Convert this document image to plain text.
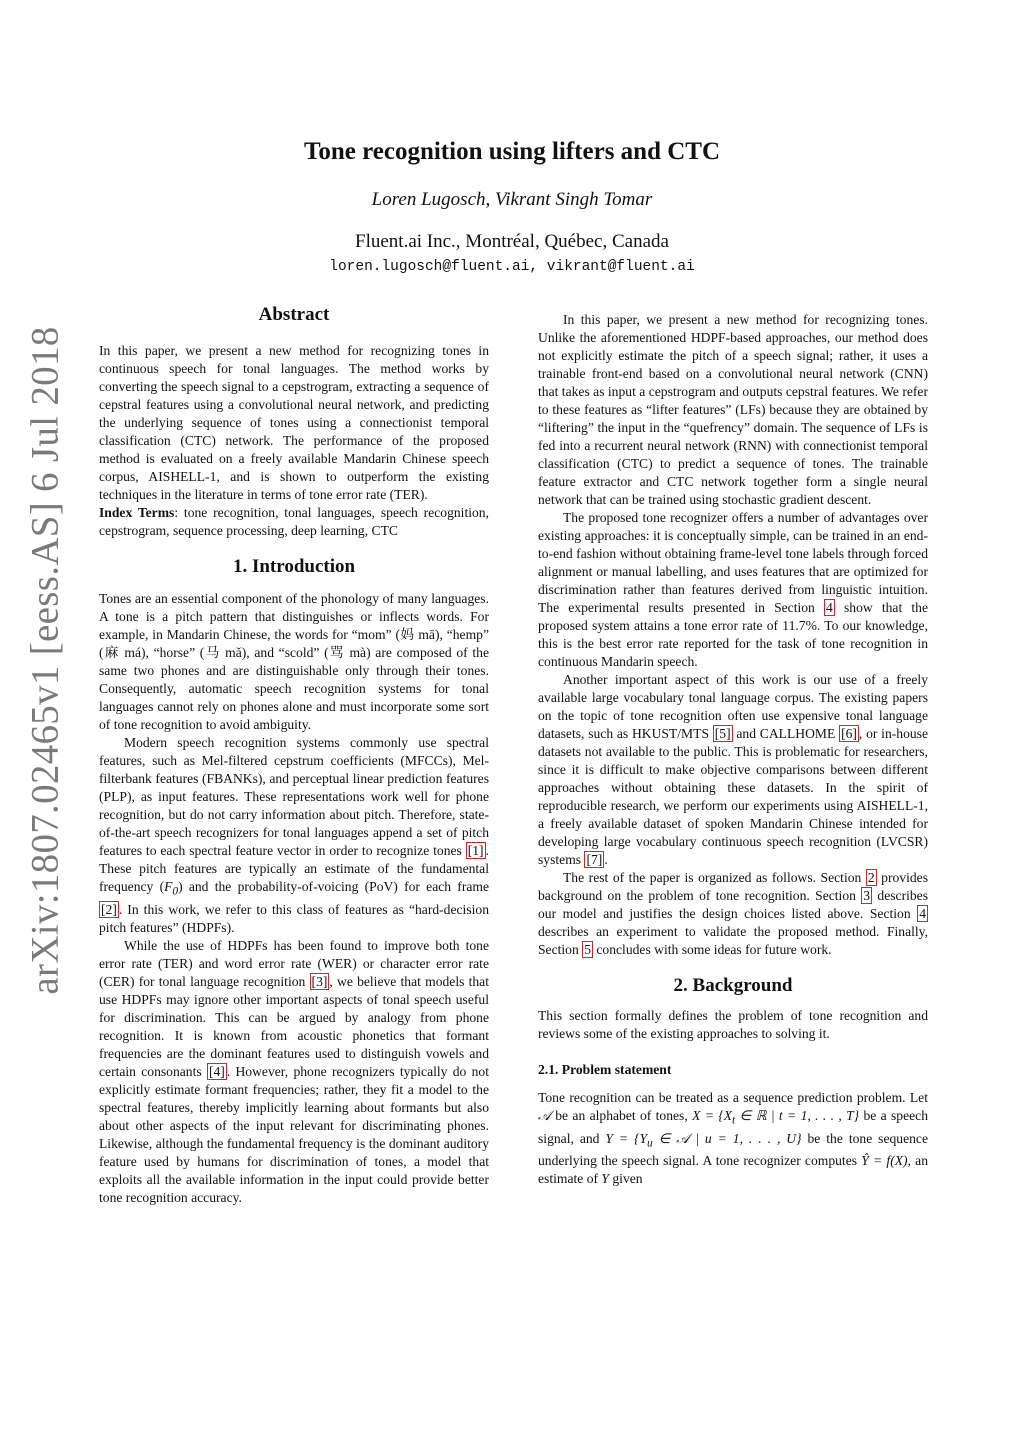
arXiv:1807.02465v1 [eess.AS] 6 Jul 2018
Tone recognition using lifters and CTC
Loren Lugosch, Vikrant Singh Tomar
Fluent.ai Inc., Montréal, Québec, Canada
loren.lugosch@fluent.ai, vikrant@fluent.ai
Abstract

In this paper, we present a new method for recognizing tones in continuous speech for tonal languages. The method works by converting the speech signal to a cepstrogram, extracting a sequence of cepstral features using a convolutional neural network, and predicting the underlying sequence of tones using a connectionist temporal classification (CTC) network. The performance of the proposed method is evaluated on a freely available Mandarin Chinese speech corpus, AISHELL-1, and is shown to outperform the existing techniques in the literature in terms of tone error rate (TER).

Index Terms: tone recognition, tonal languages, speech recognition, cepstrogram, sequence processing, deep learning, CTC

1. Introduction

Tones are an essential component of the phonology of many languages. A tone is a pitch pattern that distinguishes or inflects words. For example, in Mandarin Chinese, the words for “mom” (妈 mā), “hemp” (麻 má), “horse” (马 mǎ), and “scold” (骂 mà) are composed of the same two phones and are distinguishable only through their tones. Consequently, automatic speech recognition systems for tonal languages cannot rely on phones alone and must incorporate some sort of tone recognition to avoid ambiguity.

Modern speech recognition systems commonly use spectral features, such as Mel-filtered cepstrum coefficients (MFCCs), Mel-filterbank features (FBANKs), and perceptual linear prediction features (PLP), as input features. These representations work well for phone recognition, but do not carry information about pitch. Therefore, state-of-the-art speech recognizers for tonal languages append a set of pitch features to each spectral feature vector in order to recognize tones [1] . These pitch features are typically an estimate of the fundamental frequency $(F_0)$ and the probability-of-voicing (PoV) for each frame [2] . In this work, we refer to this class of features as “hard-decision pitch features” (HDPFs).

While the use of HDPFs has been found to improve both tone error rate (TER) and word error rate (WER) or character error rate (CER) for tonal language recognition [3] , we believe that models that use HDPFs may ignore other important aspects of tonal speech useful for discrimination. This can be argued by analogy from phone recognition. It is known from acoustic phonetics that formant frequencies are the dominant features used to distinguish vowels and certain consonants [4] . However, phone recognizers typically do not explicitly estimate formant frequencies; rather, they fit a model to the spectral features, thereby implicitly learning about formants but also about other aspects of the input relevant for discriminating phones. Likewise, although the fundamental frequency is the dominant auditory feature used by humans for discrimination of tones, a model that exploits all the available information in the input could provide better tone recognition accuracy.

In this paper, we present a new method for recognizing tones. Unlike the aforementioned HDPF-based approaches, our method does not explicitly estimate the pitch of a speech signal; rather, it uses a trainable front-end based on a convolutional neural network (CNN) that takes as input a cepstrogram and outputs cepstral features. We refer to these features as “lifter features” (LFs) because they are obtained by “liftering” the input in the “quefrency” domain. The sequence of LFs is fed into a recurrent neural network (RNN) with connectionist temporal classification (CTC) to predict a sequence of tones. The trainable feature extractor and CTC network together form a single neural network that can be trained using stochastic gradient descent.

The proposed tone recognizer offers a number of advantages over existing approaches: it is conceptually simple, can be trained in an end-to-end fashion without obtaining frame-level tone labels through forced alignment or manual labelling, and uses features that are optimized for discrimination rather than features derived from linguistic intuition. The experimental results presented in Section 4 show that the proposed system attains a tone error rate of 11.7%. To our knowledge, this is the best error rate reported for the task of tone recognition in continuous Mandarin speech.

Another important aspect of this work is our use of a freely available large vocabulary tonal language corpus. The existing papers on the topic of tone recognition often use expensive tonal language datasets, such as HKUST/MTS [5] and CALLHOME [6] , or in-house datasets not available to the public. This is problematic for researchers, since it is difficult to make objective comparisons between different approaches without obtaining these datasets. In the spirit of reproducible research, we perform our experiments using AISHELL-1, a freely available dataset of spoken Mandarin Chinese intended for developing large vocabulary continuous speech recognition (LVCSR) systems [7] .

The rest of the paper is organized as follows. Section 2 provides background on the problem of tone recognition. Section 3 describes our model and justifies the design choices listed above. Section 4 describes an experiment to validate the proposed method. Finally, Section 5 concludes with some ideas for future work.

2. Background

This section formally defines the problem of tone recognition and reviews some of the existing approaches to solving it.

2.1. Problem statement

Tone recognition can be treated as a sequence prediction problem. Let 𝒜 be an alphabet of tones, $X = \{X_t$ ∈ ℝ | t = 1, . . . , T} be a speech signal, and $Y = \{Y_u$ ∈ 𝒜 | u = 1, . . . , U} be the tone sequence underlying the speech signal. A tone recognizer computes Ŷ = f(X), an estimate of Y given
